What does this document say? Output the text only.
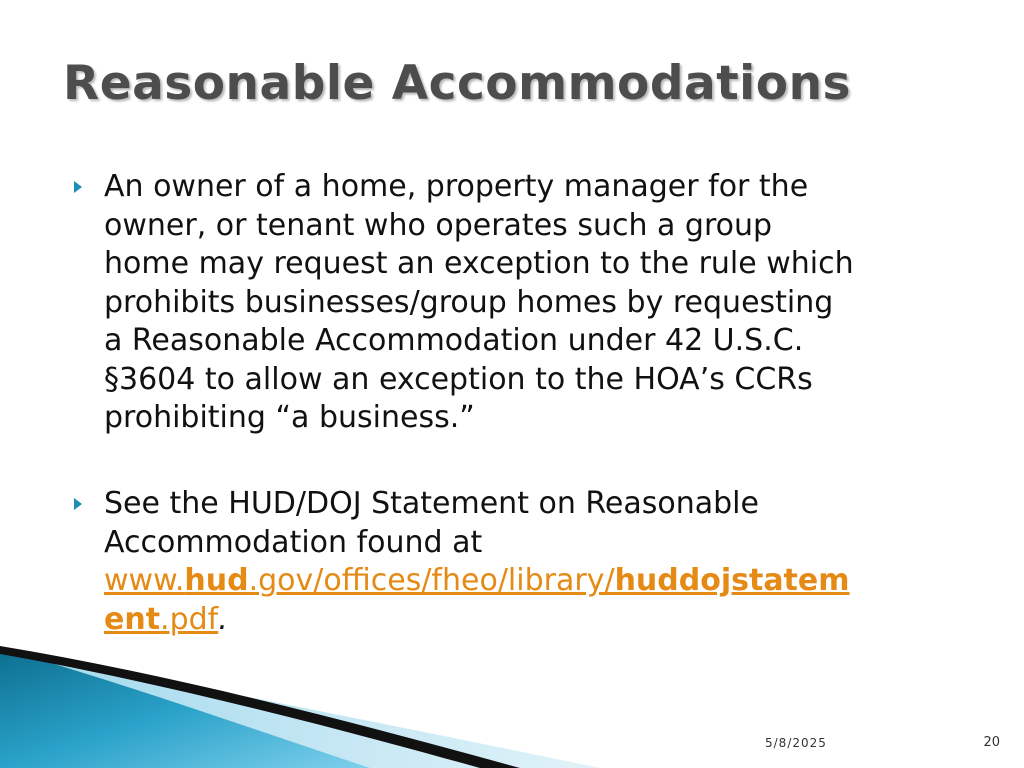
Reasonable Accommodations
An owner of a home, property manager for the
owner, or tenant who operates such a group
home may request an exception to the rule which
prohibits businesses/group homes by requesting
a Reasonable Accommodation under 42 U.S.C.
§3604 to allow an exception to the HOA’s CCRs
prohibiting “a business.”
See the HUD/DOJ Statement on Reasonable
Accommodation found at
www.hud.gov/offices/fheo/library/huddojstatem
ent.pdf.
5/8/2025	20
